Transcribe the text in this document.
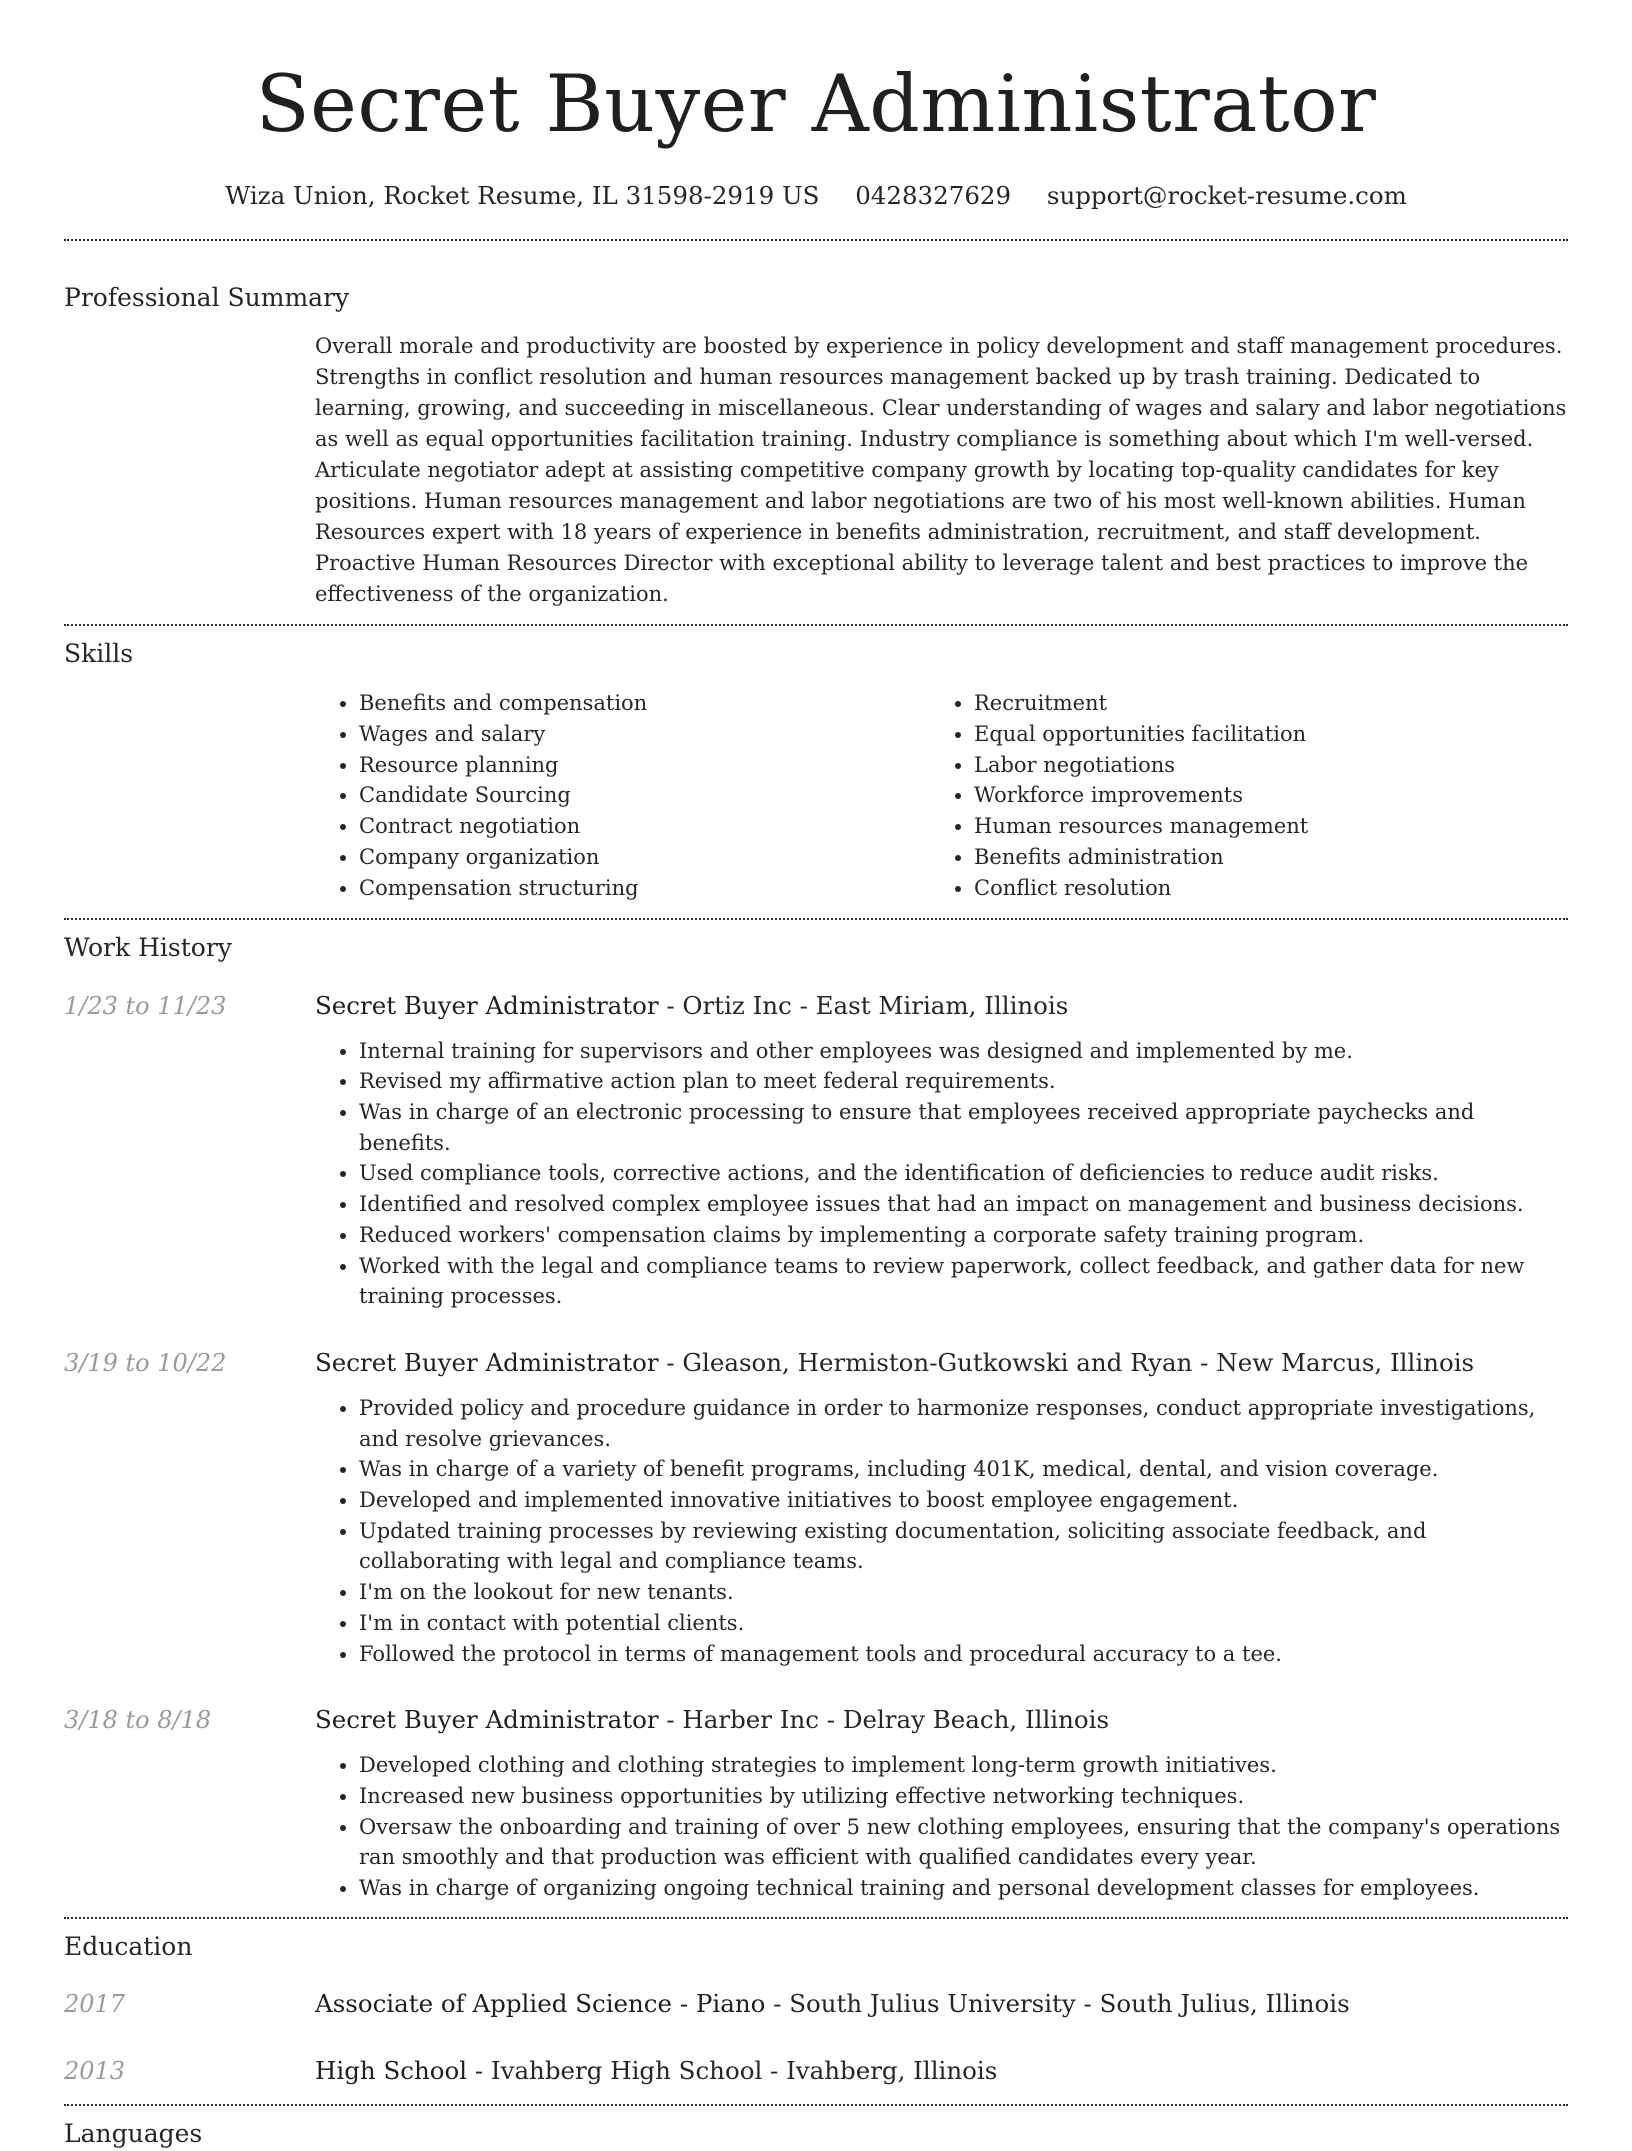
Secret Buyer Administrator
Wiza Union, Rocket Resume, IL 31598-2919 US 0428327629 support@rocket-resume.com
Professional Summary

Overall morale and productivity are boosted by experience in policy development and staff management procedures. Strengths in conflict resolution and human resources management backed up by trash training. Dedicated to learning, growing, and succeeding in miscellaneous. Clear understanding of wages and salary and labor negotiations as well as equal opportunities facilitation training. Industry compliance is something about which I'm well-versed. Articulate negotiator adept at assisting competitive company growth by locating top-quality candidates for key positions. Human resources management and labor negotiations are two of his most well-known abilities. Human Resources expert with 18 years of experience in benefits administration, recruitment, and staff development. Proactive Human Resources Director with exceptional ability to leverage talent and best practices to improve the effectiveness of the organization.

Skills
• Benefits and compensation
• Wages and salary
• Resource planning
• Candidate Sourcing
• Contract negotiation
• Company organization
• Compensation structuring
• Recruitment
• Equal opportunities facilitation
• Labor negotiations
• Workforce improvements
• Human resources management
• Benefits administration
• Conflict resolution
Work History
1/23 to 11/23	Secret Buyer Administrator - Ortiz Inc - East Miriam, Illinois
• Internal training for supervisors and other employees was designed and implemented by me.
• Revised my affirmative action plan to meet federal requirements.
• Was in charge of an electronic processing to ensure that employees received appropriate paychecks and benefits.
• Used compliance tools, corrective actions, and the identification of deficiencies to reduce audit risks.
• Identified and resolved complex employee issues that had an impact on management and business decisions.
• Reduced workers' compensation claims by implementing a corporate safety training program.
• Worked with the legal and compliance teams to review paperwork, collect feedback, and gather data for new training processes.
3/19 to 10/22	Secret Buyer Administrator - Gleason, Hermiston-Gutkowski and Ryan - New Marcus, Illinois
• Provided policy and procedure guidance in order to harmonize responses, conduct appropriate investigations, and resolve grievances.
• Was in charge of a variety of benefit programs, including 401K, medical, dental, and vision coverage.
• Developed and implemented innovative initiatives to boost employee engagement.
• Updated training processes by reviewing existing documentation, soliciting associate feedback, and collaborating with legal and compliance teams.
• I'm on the lookout for new tenants.
• I'm in contact with potential clients.
• Followed the protocol in terms of management tools and procedural accuracy to a tee.
3/18 to 8/18	Secret Buyer Administrator - Harber Inc - Delray Beach, Illinois
• Developed clothing and clothing strategies to implement long-term growth initiatives.
• Increased new business opportunities by utilizing effective networking techniques.
• Oversaw the onboarding and training of over 5 new clothing employees, ensuring that the company's operations ran smoothly and that production was efficient with qualified candidates every year.
• Was in charge of organizing ongoing technical training and personal development classes for employees.
Education
2017	Associate of Applied Science - Piano - South Julius University - South Julius, Illinois
2013	High School - Ivahberg High School - Ivahberg, Illinois
Languages
